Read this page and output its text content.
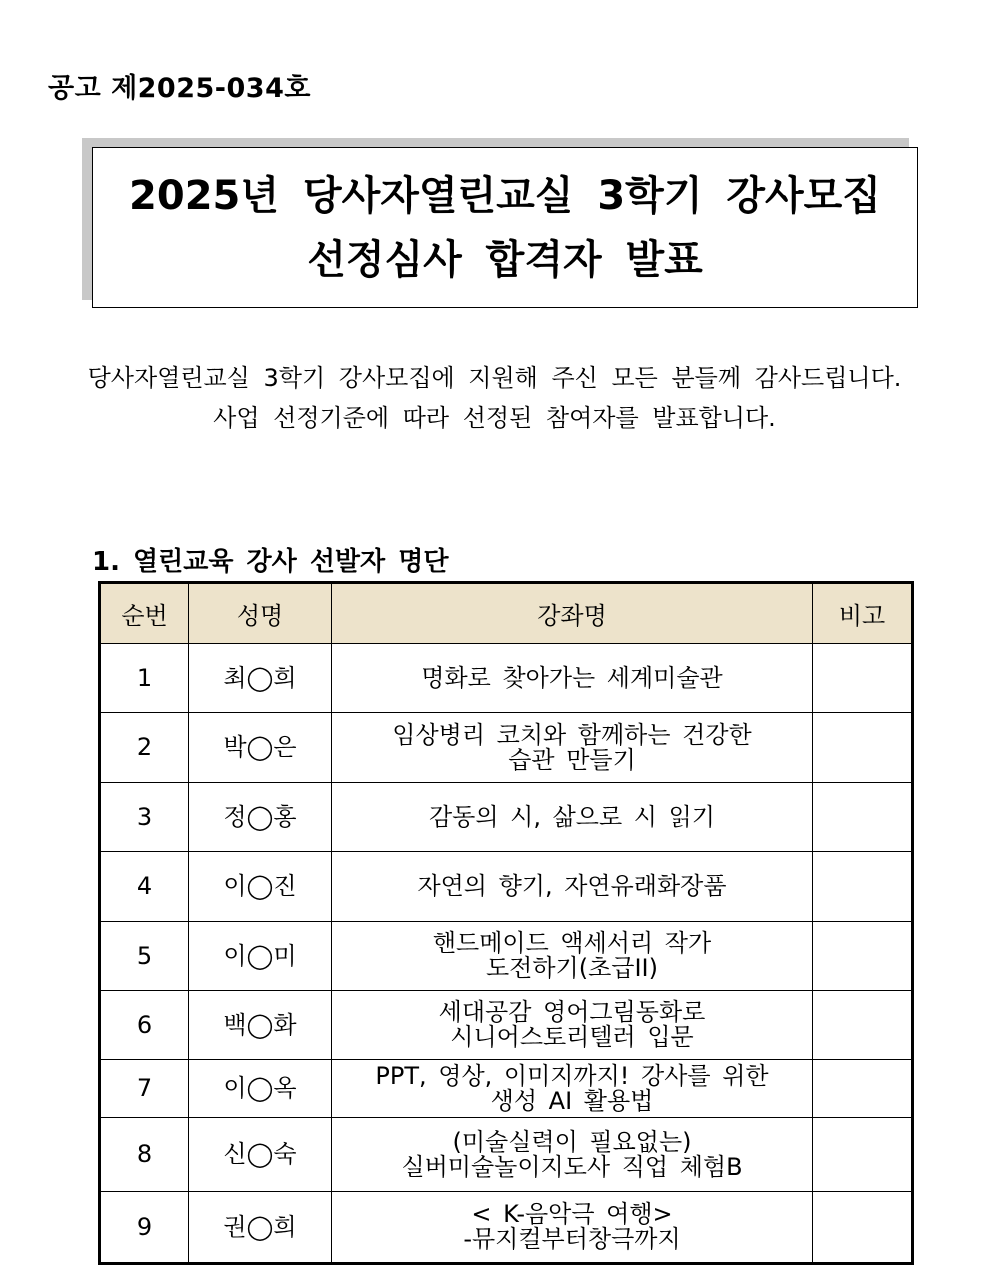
공고 제2025-034호
2025년 당사자열린교실 3학기 강사모집
선정심사 합격자 발표
당사자열린교실 3학기 강사모집에 지원해 주신 모든 분들께 감사드립니다.
사업 선정기준에 따라 선정된 참여자를 발표합니다.
1. 열린교육 강사 선발자 명단
순번	성명	강좌명	비고
1	최◯희	명화로 찾아가는 세계미술관	

2	박◯은	임상병리 코치와 함께하는 건강한
습관 만들기	

3	정◯홍	감동의 시, 삶으로 시 읽기	

4	이◯진	자연의 향기, 자연유래화장품	

5	이◯미	핸드메이드 액세서리 작가
도전하기(초급II)	

6	백◯화	세대공감 영어그림동화로
시니어스토리텔러 입문	

7	이◯옥	PPT, 영상, 이미지까지! 강사를 위한
생성 AI 활용법	

8	신◯숙	(미술실력이 필요없는)
실버미술놀이지도사 직업 체험B	

9	권◯희	< K-음악극 여행>
-뮤지컬부터창극까지	
